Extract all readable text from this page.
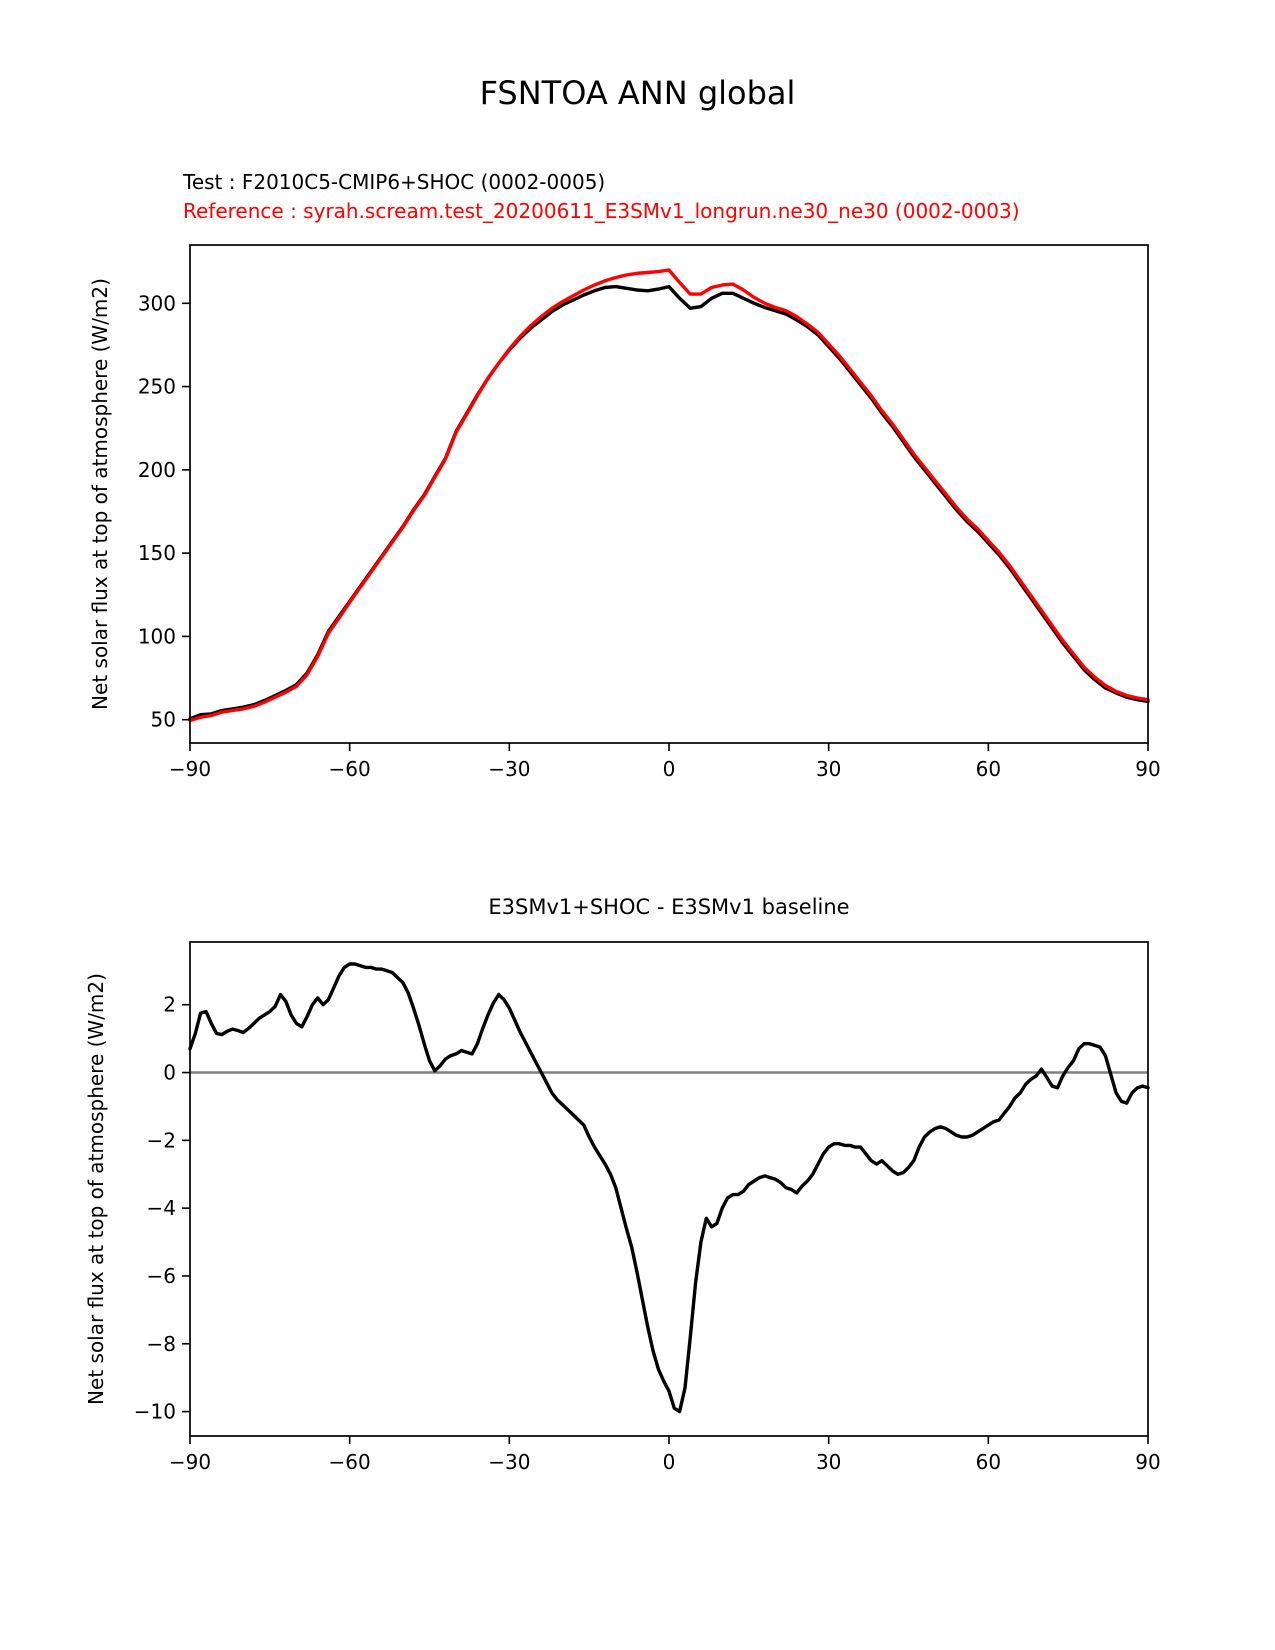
FSNTOA ANN global
Test : F2010C5-CMIP6+SHOC (0002-0005)
Reference : syrah.scream.test_20200611_E3SMv1_longrun.ne30_ne30 (0002-0003)
−90	−60	−30	0	30	60	90
50
100
150
200
250
300
Net solar flux at top of atmosphere (W/m2)
−90	−60	−30	0	30	60	90
2
0
−2
−4
−6
−8
−10
E3SMv1+SHOC - E3SMv1 baseline
Net solar flux at top of atmosphere (W/m2)
